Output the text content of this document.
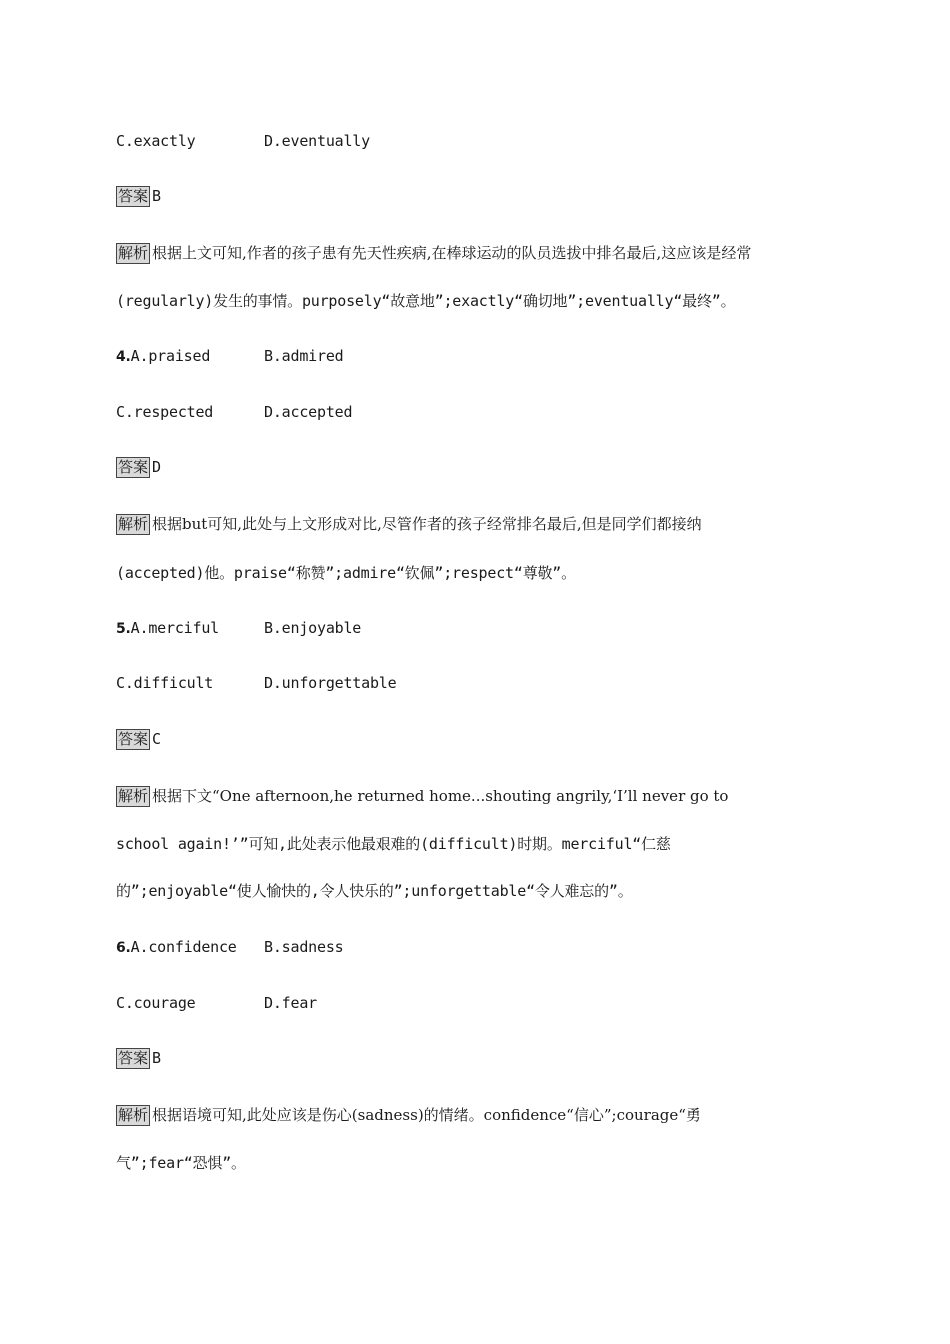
C.exactly	D.eventually
答案 B
解析 根据上文可知,作者的孩子患有先天性疾病,在棒球运动的队员选拔中排名最后,这应该是经常
(regularly)发生的事情。purposely“故意地”;exactly“确切地”;eventually“最终”。
4.A.praised	B.admired
C.respected	D.accepted
答案 D
解析 根据but可知,此处与上文形成对比,尽管作者的孩子经常排名最后,但是同学们都接纳
(accepted)他。praise“称赞”;admire“钦佩”;respect“尊敬”。
5.A.merciful	B.enjoyable
C.difficult	D.unforgettable
答案 C
解析 根据下文“One afternoon,he returned home...shouting angrily,‘I’ll never go to
school again!’”可知,此处表示他最艰难的(difficult)时期。merciful“仁慈
的”;enjoyable“使人愉快的,令人快乐的”;unforgettable“令人难忘的”。
6.A.confidence B.sadness
C.courage	D.fear
答案 B
解析 根据语境可知,此处应该是伤心(sadness)的情绪。confidence“信心”;courage“勇
气”;fear“恐惧”。
